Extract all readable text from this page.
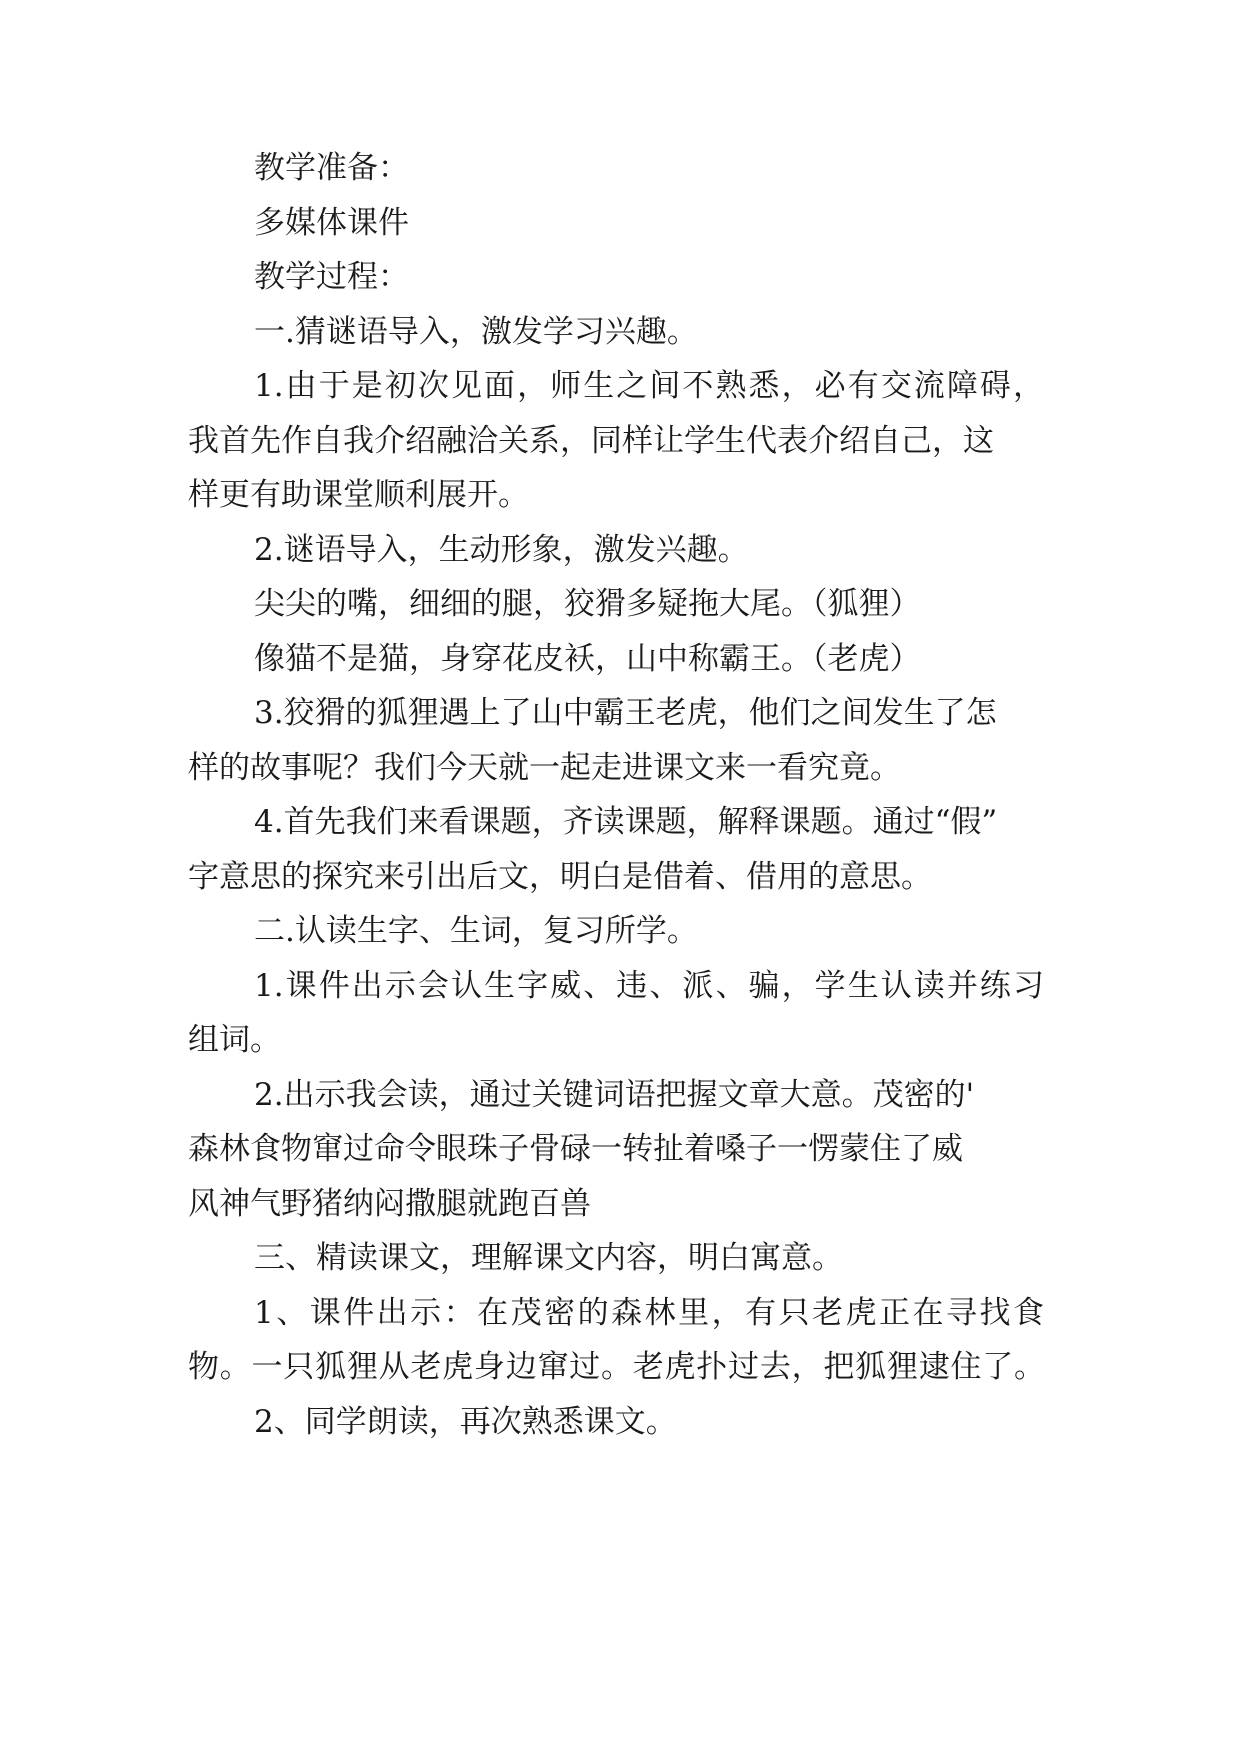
教学准备：
多媒体课件
教学过程：
一.猜谜语导入，激发学习兴趣。
1.由于是初次见面，师生之间不熟悉，必有交流障碍，
我首先作自我介绍融洽关系，同样让学生代表介绍自己，这
样更有助课堂顺利展开。
2.谜语导入，生动形象，激发兴趣。
尖尖的嘴，细细的腿，狡猾多疑拖大尾。（狐狸）
像猫不是猫，身穿花皮袄，山中称霸王。（老虎）
3.狡猾的狐狸遇上了山中霸王老虎，他们之间发生了怎
样的故事呢？我们今天就一起走进课文来一看究竟。
4.首先我们来看课题，齐读课题，解释课题。通过“假”
字意思的探究来引出后文，明白是借着、借用的意思。
二.认读生字、生词，复习所学。
1.课件出示会认生字威、违、派、骗，学生认读并练习
组词。
2.出示我会读，通过关键词语把握文章大意。茂密的'
森林食物窜过命令眼珠子骨碌一转扯着嗓子一愣蒙住了威
风神气野猪纳闷撒腿就跑百兽
三、精读课文，理解课文内容，明白寓意。
1、课件出示：在茂密的森林里，有只老虎正在寻找食
物。一只狐狸从老虎身边窜过。老虎扑过去，把狐狸逮住了。
2、同学朗读，再次熟悉课文。
